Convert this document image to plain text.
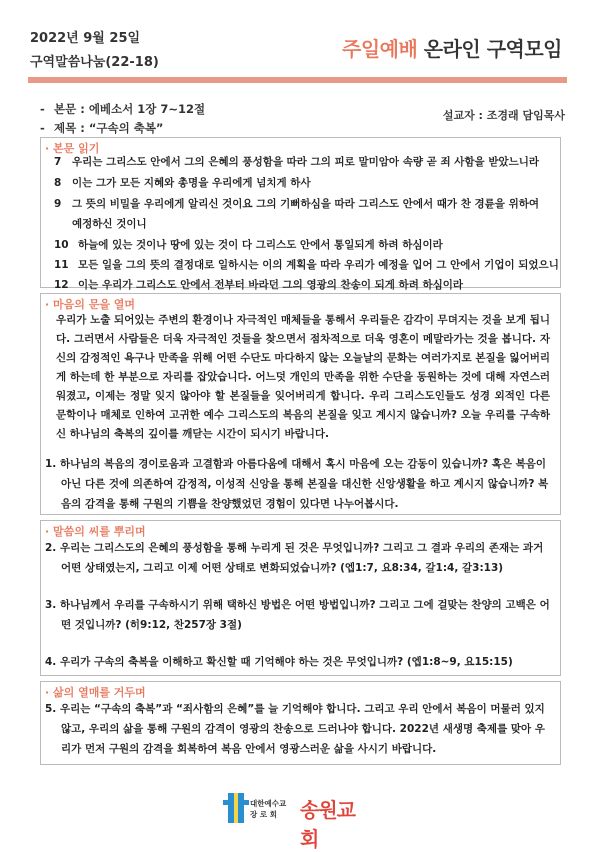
2022년 9월 25일
구역말씀나눔(22-18)
주일예배 온라인 구역모임
- 본문 : 에베소서 1장 7~12절
- 제목 : “구속의 축복”
설교자 : 조경래 담임목사
· 본문 읽기
7 우리는 그리스도 안에서 그의 은혜의 풍성함을 따라 그의 피로 말미암아 속량 곧 죄 사함을 받았느니라
8 이는 그가 모든 지혜와 총명을 우리에게 넘치게 하사
9 그 뜻의 비밀을 우리에게 알리신 것이요 그의 기뻐하심을 따라 그리스도 안에서 때가 찬 경륜을 위하여
예정하신 것이니
10 하늘에 있는 것이나 땅에 있는 것이 다 그리스도 안에서 통일되게 하려 하심이라
11 모든 일을 그의 뜻의 결정대로 일하시는 이의 계획을 따라 우리가 예정을 입어 그 안에서 기업이 되었으니
12 이는 우리가 그리스도 안에서 전부터 바라던 그의 영광의 찬송이 되게 하려 하심이라
· 마음의 문을 열며
우리가 노출 되어있는 주변의 환경이나 자극적인 매체들을 통해서 우리들은 감각이 무뎌지는 것을 보게 됩니다. 그러면서 사람들은 더욱 자극적인 것들을 찾으면서 점차적으로 더욱 영혼이 메말라가는 것을 봅니다. 자신의 감정적인 욕구나 만족을 위해 어떤 수단도 마다하지 않는 오늘날의 문화는 여러가지로 본질을 잃어버리게 하는데 한 부분으로 자리를 잡았습니다. 어느덧 개인의 만족을 위한 수단을 동원하는 것에 대해 자연스러워졌고, 이제는 정말 잊지 않아야 할 본질들을 잊어버리게 합니다. 우리 그리스도인들도 성경 외적인 다른 문학이나 매체로 인하여 고귀한 예수 그리스도의 복음의 본질을 잊고 계시지 않습니까? 오늘 우리를 구속하신 하나님의 축복의 깊이를 깨닫는 시간이 되시기 바랍니다.
1. 하나님의 복음의 경이로움과 고결함과 아름다움에 대해서 혹시 마음에 오는 감동이 있습니까? 혹은 복음이 아닌 다른 것에 의존하여 감정적, 이성적 신앙을 통해 본질을 대신한 신앙생활을 하고 계시지 않습니까? 복음의 감격을 통해 구원의 기쁨을 찬양했었던 경험이 있다면 나누어봅시다.
· 말씀의 씨를 뿌리며
2. 우리는 그리스도의 은혜의 풍성함을 통해 누리게 된 것은 무엇입니까? 그리고 그 결과 우리의 존재는 과거 어떤 상태였는지, 그리고 이제 어떤 상태로 변화되었습니까? (엡1:7, 요8:34, 갈1:4, 갈3:13)
3. 하나님께서 우리를 구속하시기 위해 택하신 방법은 어떤 방법입니까? 그리고 그에 걸맞는 찬양의 고백은 어떤 것입니까? (히9:12, 찬257장 3절)
4. 우리가 구속의 축복을 이해하고 확신할 때 기억해야 하는 것은 무엇입니까? (엡1:8~9, 요15:15)
· 삶의 열매를 거두며
5. 우리는 “구속의 축복”과 “죄사함의 은혜”를 늘 기억해야 합니다. 그리고 우리 안에서 복음이 머물러 있지 않고, 우리의 삶을 통해 구원의 감격이 영광의 찬송으로 드러나야 합니다. 2022년 새생명 축제를 맞아 우리가 먼저 구원의 감격을 회복하여 복음 안에서 영광스러운 삶을 사시기 바랍니다.
대한예수교
장 로 회	송원교회
